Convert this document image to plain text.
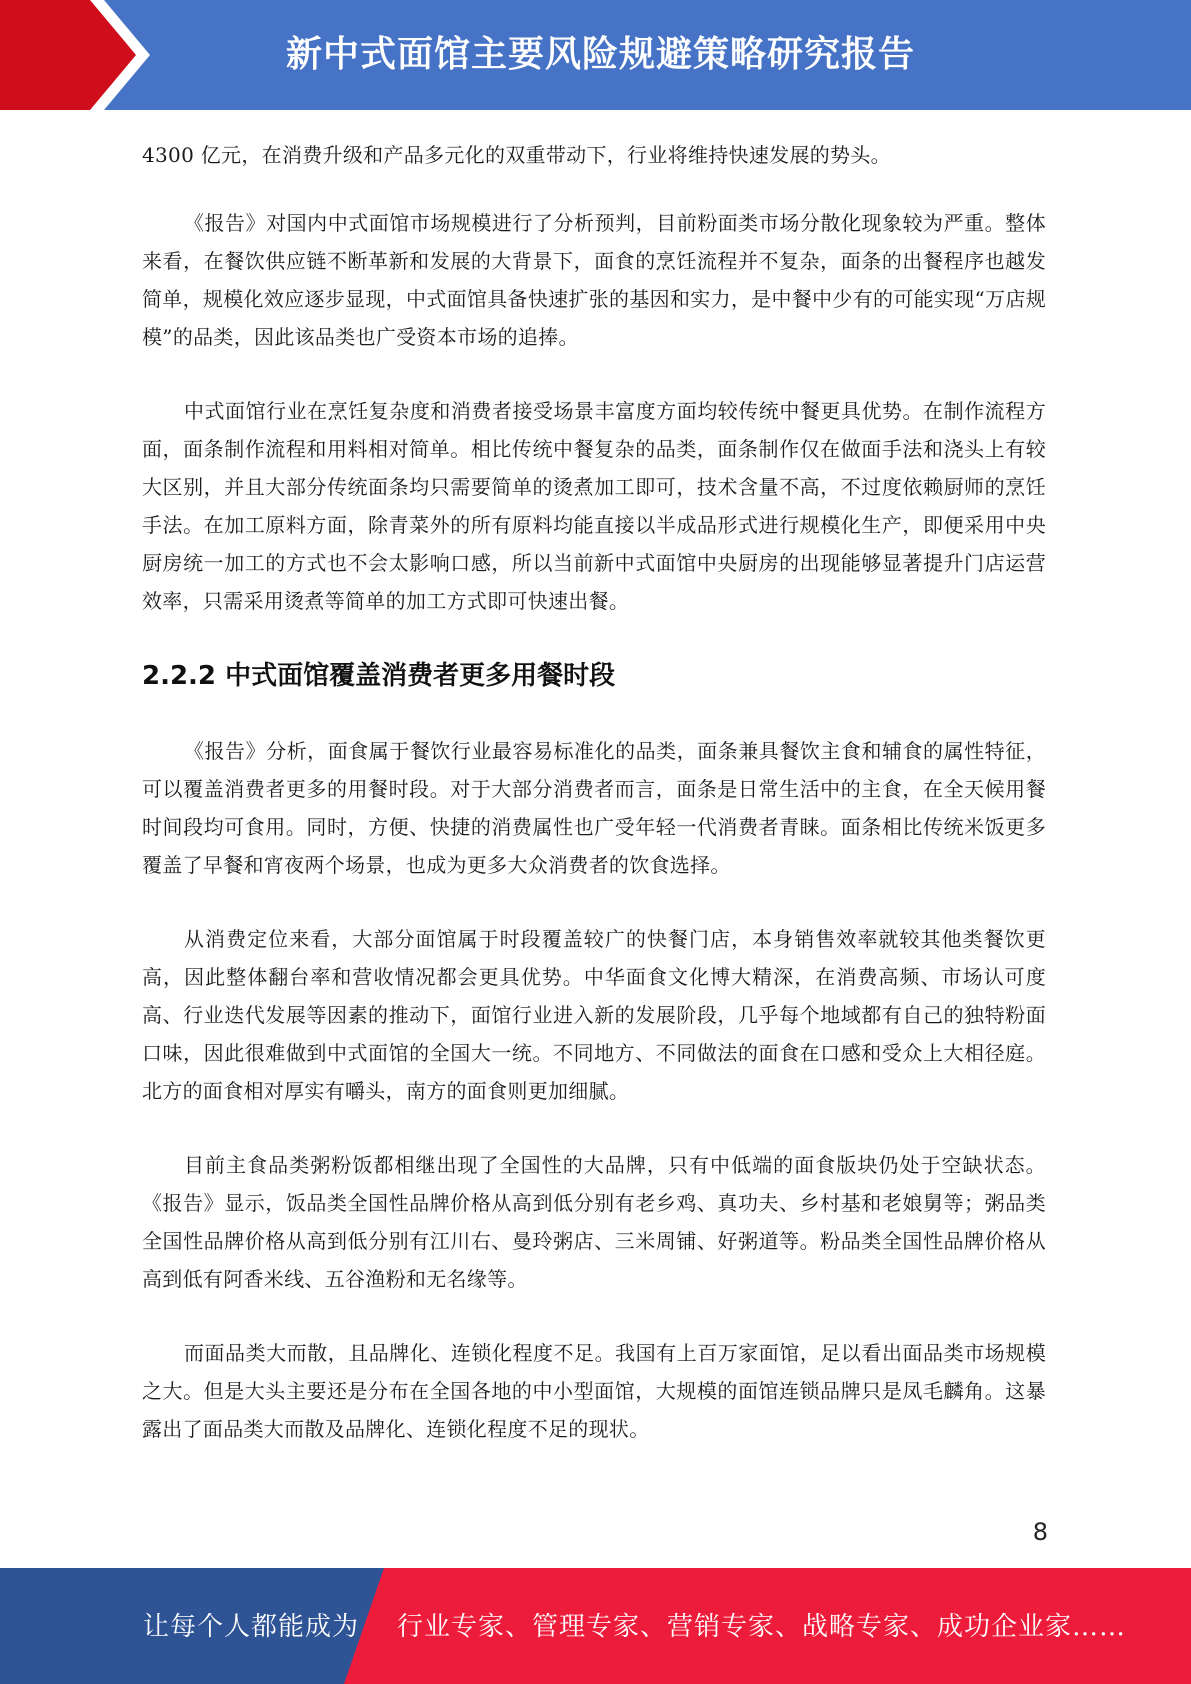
新中式面馆主要风险规避策略研究报告

4300 亿元，在消费升级和产品多元化的双重带动下，行业将维持快速发展的势头。

《报告》对国内中式面馆市场规模进行了分析预判，目前粉面类市场分散化现象较为严重。整体来看，在餐饮供应链不断革新和发展的大背景下，面食的烹饪流程并不复杂，面条的出餐程序也越发简单，规模化效应逐步显现，中式面馆具备快速扩张的基因和实力，是中餐中少有的可能实现“万店规模”的品类，因此该品类也广受资本市场的追捧。

中式面馆行业在烹饪复杂度和消费者接受场景丰富度方面均较传统中餐更具优势。在制作流程方面，面条制作流程和用料相对简单。相比传统中餐复杂的品类，面条制作仅在做面手法和浇头上有较大区别，并且大部分传统面条均只需要简单的烫煮加工即可，技术含量不高，不过度依赖厨师的烹饪手法。在加工原料方面，除青菜外的所有原料均能直接以半成品形式进行规模化生产，即便采用中央厨房统一加工的方式也不会太影响口感，所以当前新中式面馆中央厨房的出现能够显著提升门店运营效率，只需采用烫煮等简单的加工方式即可快速出餐。

2.2.2 中式面馆覆盖消费者更多用餐时段

《报告》分析，面食属于餐饮行业最容易标准化的品类，面条兼具餐饮主食和辅食的属性特征，可以覆盖消费者更多的用餐时段。对于大部分消费者而言，面条是日常生活中的主食，在全天候用餐时间段均可食用。同时，方便、快捷的消费属性也广受年轻一代消费者青睐。面条相比传统米饭更多覆盖了早餐和宵夜两个场景，也成为更多大众消费者的饮食选择。

从消费定位来看，大部分面馆属于时段覆盖较广的快餐门店，本身销售效率就较其他类餐饮更高，因此整体翻台率和营收情况都会更具优势。中华面食文化博大精深，在消费高频、市场认可度高、行业迭代发展等因素的推动下，面馆行业进入新的发展阶段，几乎每个地域都有自己的独特粉面口味，因此很难做到中式面馆的全国大一统。不同地方、不同做法的面食在口感和受众上大相径庭。北方的面食相对厚实有嚼头，南方的面食则更加细腻。

目前主食品类粥粉饭都相继出现了全国性的大品牌，只有中低端的面食版块仍处于空缺状态。《报告》显示，饭品类全国性品牌价格从高到低分别有老乡鸡、真功夫、乡村基和老娘舅等；粥品类全国性品牌价格从高到低分别有江川右、曼玲粥店、三米周铺、好粥道等。粉品类全国性品牌价格从高到低有阿香米线、五谷渔粉和无名缘等。

而面品类大而散，且品牌化、连锁化程度不足。我国有上百万家面馆，足以看出面品类市场规模之大。但是大头主要还是分布在全国各地的中小型面馆，大规模的面馆连锁品牌只是凤毛麟角。这暴露出了面品类大而散及品牌化、连锁化程度不足的现状。

8
让每个人都能成为 行业专家、管理专家、营销专家、战略专家、成功企业家……
